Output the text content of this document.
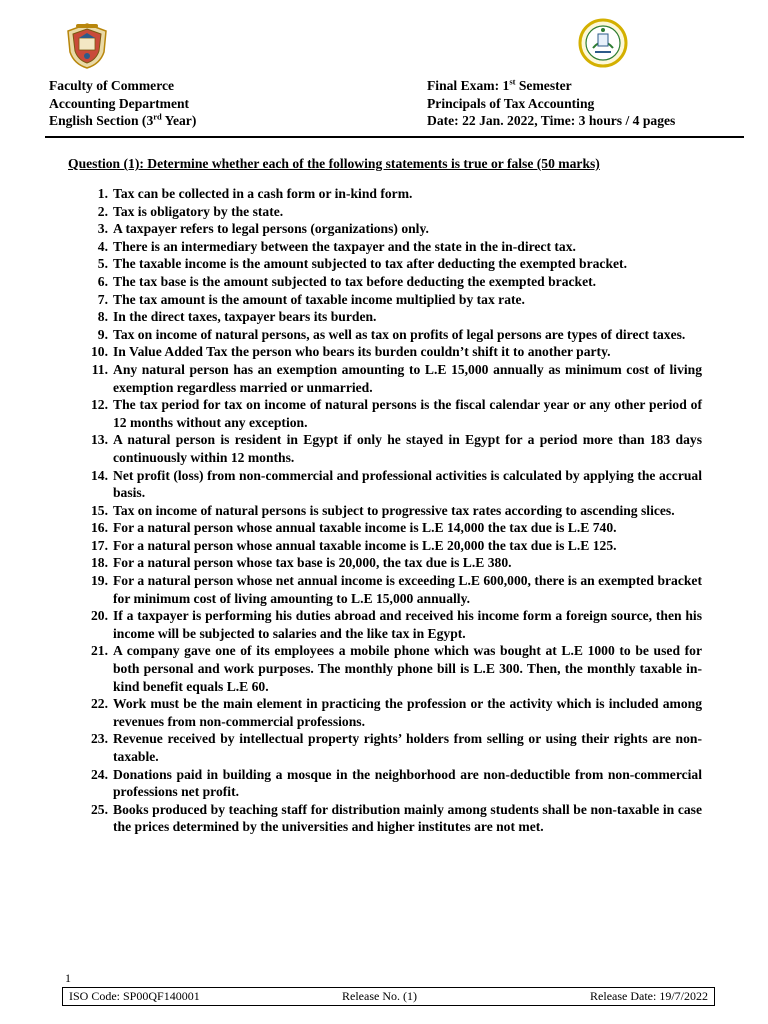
Faculty of Commerce
Accounting Department
English Section (3rd Year)
Final Exam: 1st Semester
Principals of Tax Accounting
Date: 22 Jan. 2022, Time: 3 hours / 4 pages
Question (1): Determine whether each of the following statements is true or false (50 marks)
1. Tax can be collected in a cash form or in-kind form.
2. Tax is obligatory by the state.
3. A taxpayer refers to legal persons (organizations) only.
4. There is an intermediary between the taxpayer and the state in the in-direct tax.
5. The taxable income is the amount subjected to tax after deducting the exempted bracket.
6. The tax base is the amount subjected to tax before deducting the exempted bracket.
7. The tax amount is the amount of taxable income multiplied by tax rate.
8. In the direct taxes, taxpayer bears its burden.
9. Tax on income of natural persons, as well as tax on profits of legal persons are types of direct taxes.
10. In Value Added Tax the person who bears its burden couldn’t shift it to another party.
11. Any natural person has an exemption amounting to L.E 15,000 annually as minimum cost of living exemption regardless married or unmarried.
12. The tax period for tax on income of natural persons is the fiscal calendar year or any other period of 12 months without any exception.
13. A natural person is resident in Egypt if only he stayed in Egypt for a period more than 183 days continuously within 12 months.
14. Net profit (loss) from non-commercial and professional activities is calculated by applying the accrual basis.
15. Tax on income of natural persons is subject to progressive tax rates according to ascending slices.
16. For a natural person whose annual taxable income is L.E 14,000 the tax due is L.E 740.
17. For a natural person whose annual taxable income is L.E 20,000 the tax due is L.E 125.
18. For a natural person whose tax base is 20,000, the tax due is L.E 380.
19. For a natural person whose net annual income is exceeding L.E 600,000, there is an exempted bracket for minimum cost of living amounting to L.E 15,000 annually.
20. If a taxpayer is performing his duties abroad and received his income form a foreign source, then his income will be subjected to salaries and the like tax in Egypt.
21. A company gave one of its employees a mobile phone which was bought at L.E 1000 to be used for both personal and work purposes. The monthly phone bill is L.E 300. Then, the monthly taxable in-kind benefit equals L.E 60.
22. Work must be the main element in practicing the profession or the activity which is included among revenues from non-commercial professions.
23. Revenue received by intellectual property rights’ holders from selling or using their rights are non-taxable.
24. Donations paid in building a mosque in the neighborhood are non-deductible from non-commercial professions net profit.
25. Books produced by teaching staff for distribution mainly among students shall be non-taxable in case the prices determined by the universities and higher institutes are not met.
1
ISO Code: SP00QF140001	Release No. (1)	Release Date: 19/7/2022
